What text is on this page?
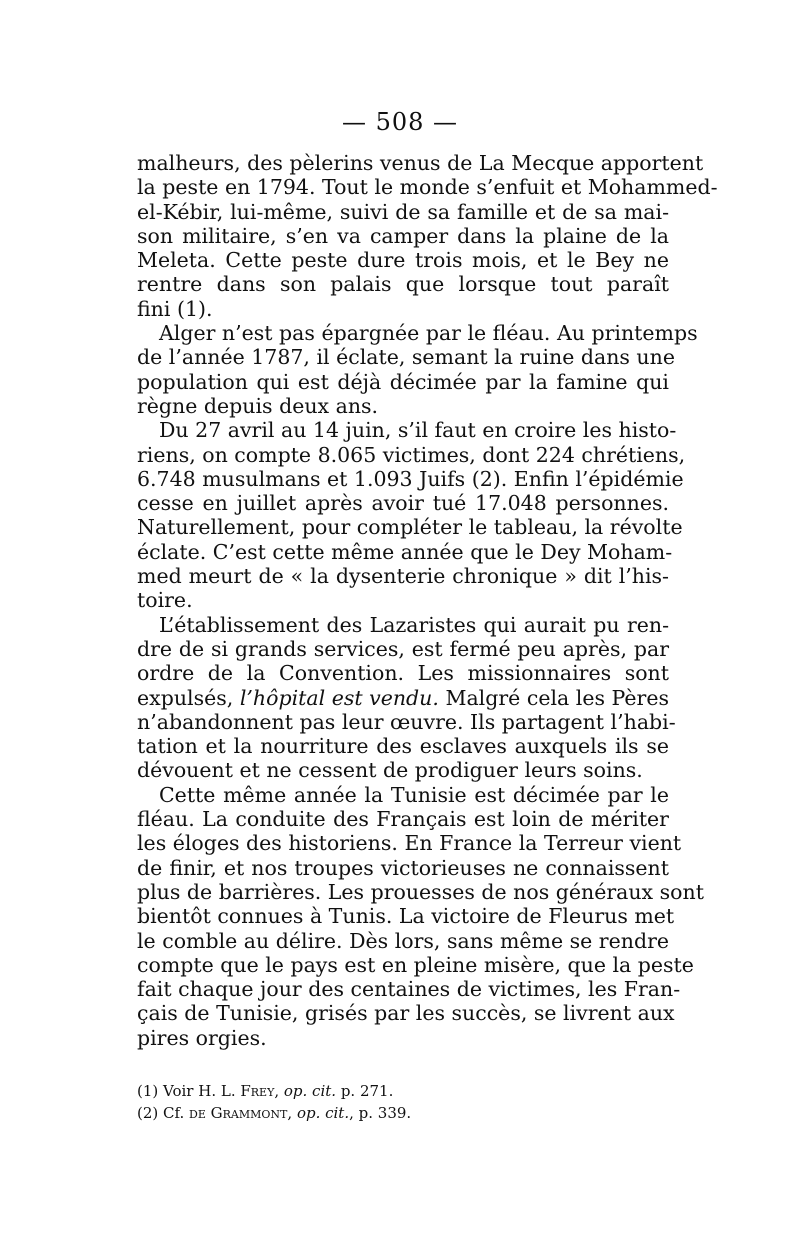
— 508 —
malheurs, des pèlerins venus de La Mecque apportent
la peste en 1794. Tout le monde s’enfuit et Mohammed-
el-Kébir, lui-même, suivi de sa famille et de sa mai-
son militaire, s’en va camper dans la plaine de la
Meleta. Cette peste dure trois mois, et le Bey ne
rentre dans son palais que lorsque tout paraît
fini (1).
Alger n’est pas épargnée par le fléau. Au printemps
de l’année 1787, il éclate, semant la ruine dans une
population qui est déjà décimée par la famine qui
règne depuis deux ans.
Du 27 avril au 14 juin, s’il faut en croire les histo-
riens, on compte 8.065 victimes, dont 224 chrétiens,
6.748 musulmans et 1.093 Juifs (2). Enfin l’épidémie
cesse en juillet après avoir tué 17.048 personnes.
Naturellement, pour compléter le tableau, la révolte
éclate. C’est cette même année que le Dey Moham-
med meurt de « la dysenterie chronique » dit l’his-
toire.
L’établissement des Lazaristes qui aurait pu ren-
dre de si grands services, est fermé peu après, par
ordre de la Convention. Les missionnaires sont
expulsés, l’hôpital est vendu. Malgré cela les Pères
n’abandonnent pas leur œuvre. Ils partagent l’habi-
tation et la nourriture des esclaves auxquels ils se
dévouent et ne cessent de prodiguer leurs soins.
Cette même année la Tunisie est décimée par le
fléau. La conduite des Français est loin de mériter
les éloges des historiens. En France la Terreur vient
de finir, et nos troupes victorieuses ne connaissent
plus de barrières. Les prouesses de nos généraux sont
bientôt connues à Tunis. La victoire de Fleurus met
le comble au délire. Dès lors, sans même se rendre
compte que le pays est en pleine misère, que la peste
fait chaque jour des centaines de victimes, les Fran-
çais de Tunisie, grisés par les succès, se livrent aux
pires orgies.
(1) Voir H. L. Frey, op. cit. p. 271.
(2) Cf. de Grammont, op. cit., p. 339.
